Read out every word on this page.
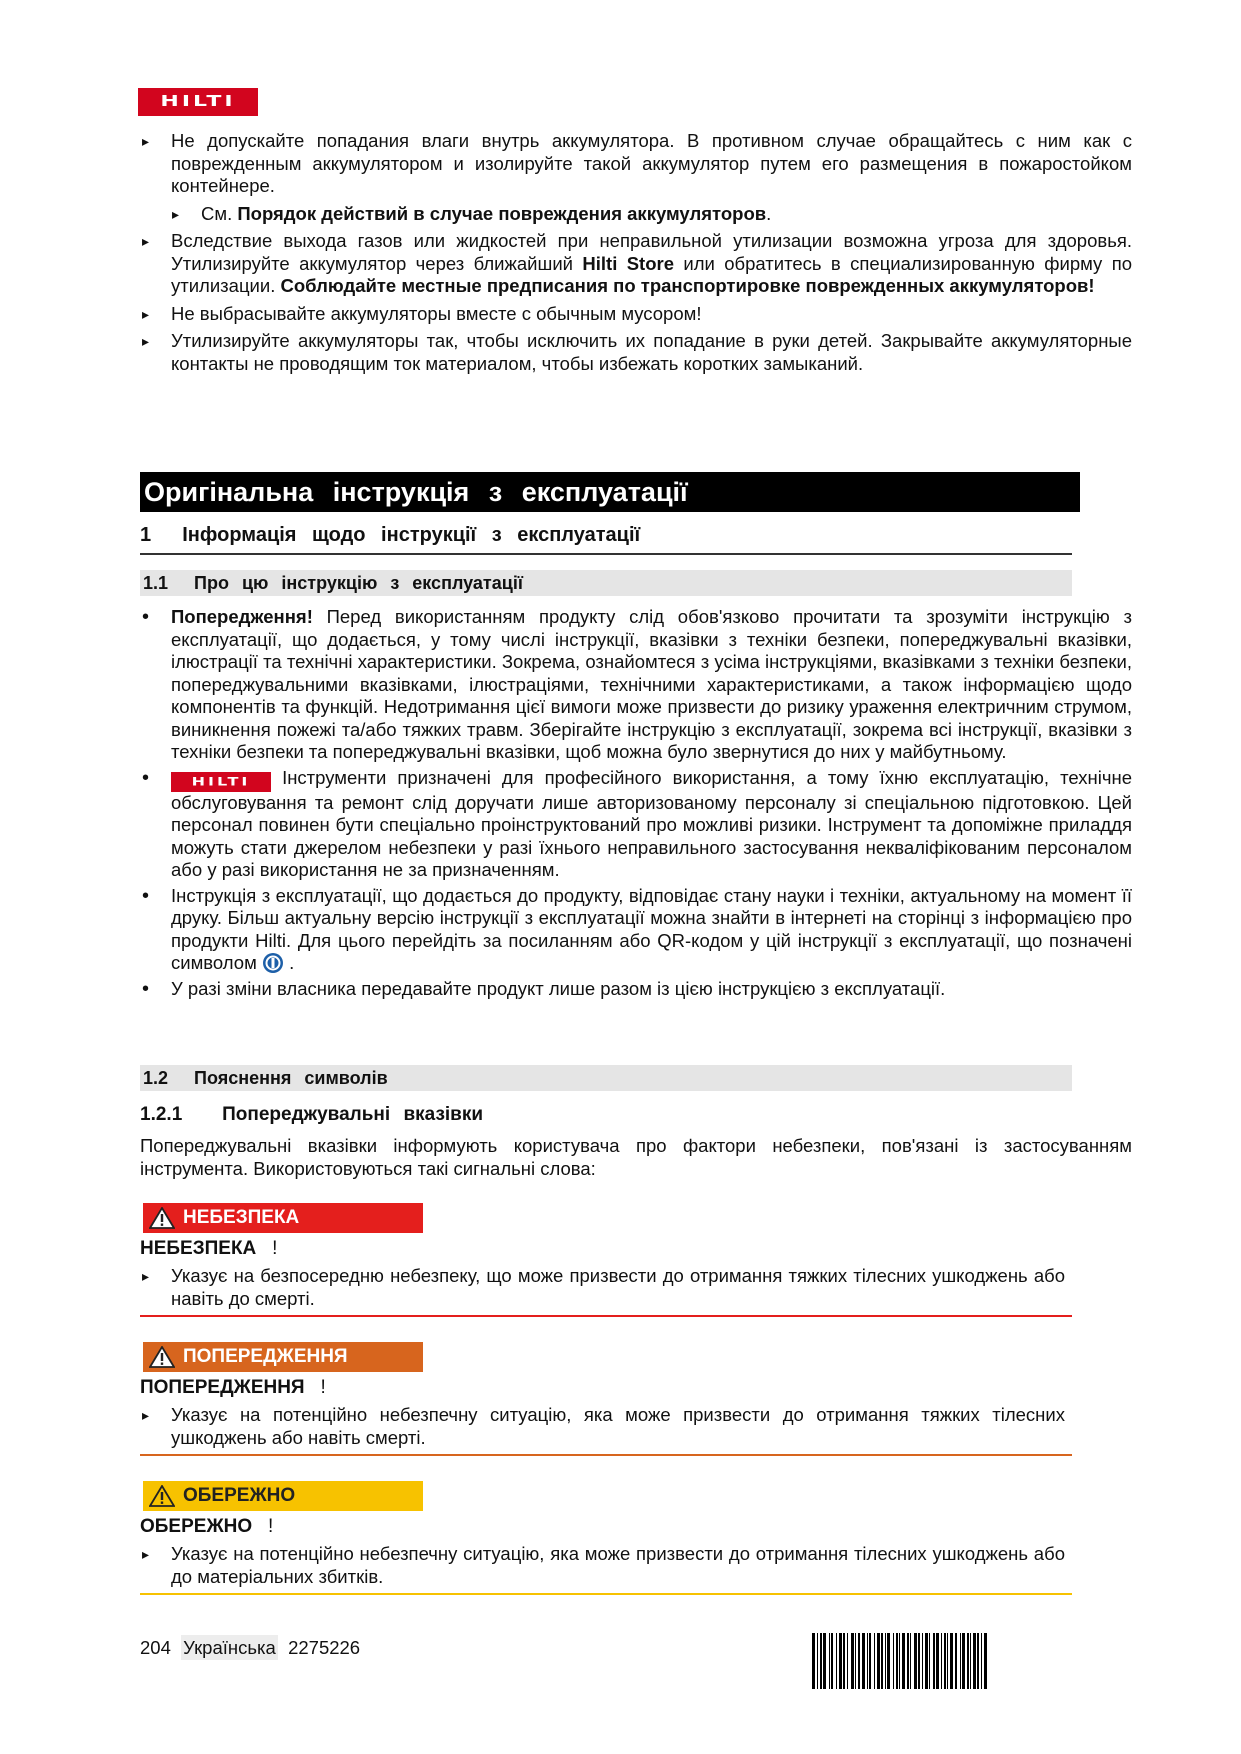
HILTI
▸ Не допускайте попадания влаги внутрь аккумулятора. В противном случае обращайтесь с ним как с поврежденным аккумулятором и изолируйте такой аккумулятор путем его размещения в пожаростойком контейнере.
▸ См. Порядок действий в случае повреждения аккумуляторов.
▸ Вследствие выхода газов или жидкостей при неправильной утилизации возможна угроза для здоровья. Утилизируйте аккумулятор через ближайший Hilti Store или обратитесь в специализированную фирму по утилизации. Соблюдайте местные предписания по транспортировке поврежденных аккумуляторов!
▸ Не выбрасывайте аккумуляторы вместе с обычным мусором!
▸ Утилизируйте аккумуляторы так, чтобы исключить их попадание в руки детей. Закрывайте аккумуляторные контакты не проводящим ток материалом, чтобы избежать коротких замыканий.
Оригінальна інструкція з експлуатації
1 Інформація щодо інструкції з експлуатації
1.1 Про цю інструкцію з експлуатації
• Попередження! Перед використанням продукту слід обов'язково прочитати та зрозуміти інструкцію з експлуатації, що додається, у тому числі інструкції, вказівки з техніки безпеки, попереджувальні вказівки, ілюстрації та технічні характеристики. Зокрема, ознайомтеся з усіма інструкціями, вказівками з техніки безпеки, попереджувальними вказівками, ілюстраціями, технічними характеристиками, а також інформацією щодо компонентів та функцій. Недотримання цієї вимоги може призвести до ризику ураження електричним струмом, виникнення пожежі та/або тяжких травм. Зберігайте інструкцію з експлуатації, зокрема всі інструкції, вказівки з техніки безпеки та попереджувальні вказівки, щоб можна було звернутися до них у майбутньому.
• HILTI Інструменти призначені для професійного використання, а тому їхню експлуатацію, технічне обслуговування та ремонт слід доручати лише авторизованому персоналу зі спеціальною підготовкою. Цей персонал повинен бути спеціально проінструктований про можливі ризики. Інструмент та допоміжне приладдя можуть стати джерелом небезпеки у разі їхнього неправильного застосування некваліфікованим персоналом або у разі використання не за призначенням.
• Інструкція з експлуатації, що додається до продукту, відповідає стану науки і техніки, актуальному на момент її друку. Більш актуальну версію інструкції з експлуатації можна знайти в інтернеті на сторінці з інформацією про продукти Hilti. Для цього перейдіть за посиланням або QR-кодом у цій інструкції з експлуатації, що позначені символом  .
• У разі зміни власника передавайте продукт лише разом із цією інструкцією з експлуатації.
1.2 Пояснення символів
1.2.1 Попереджувальні вказівки
Попереджувальні вказівки інформують користувача про фактори небезпеки, пов'язані із застосуванням інструмента. Використовуються такі сигнальні слова:
НЕБЕЗПЕКА
НЕБЕЗПЕКА !
▸ Указує на безпосередню небезпеку, що може призвести до отримання тяжких тілесних ушкоджень або навіть до смерті.
ПОПЕРЕДЖЕННЯ
ПОПЕРЕДЖЕННЯ !
▸ Указує на потенційно небезпечну ситуацію, яка може призвести до отримання тяжких тілесних ушкоджень або навіть смерті.
ОБЕРЕЖНО
ОБЕРЕЖНО !
▸ Указує на потенційно небезпечну ситуацію, яка може призвести до отримання тілесних ушкоджень або до матеріальних збитків.
204 Українська 2275226
